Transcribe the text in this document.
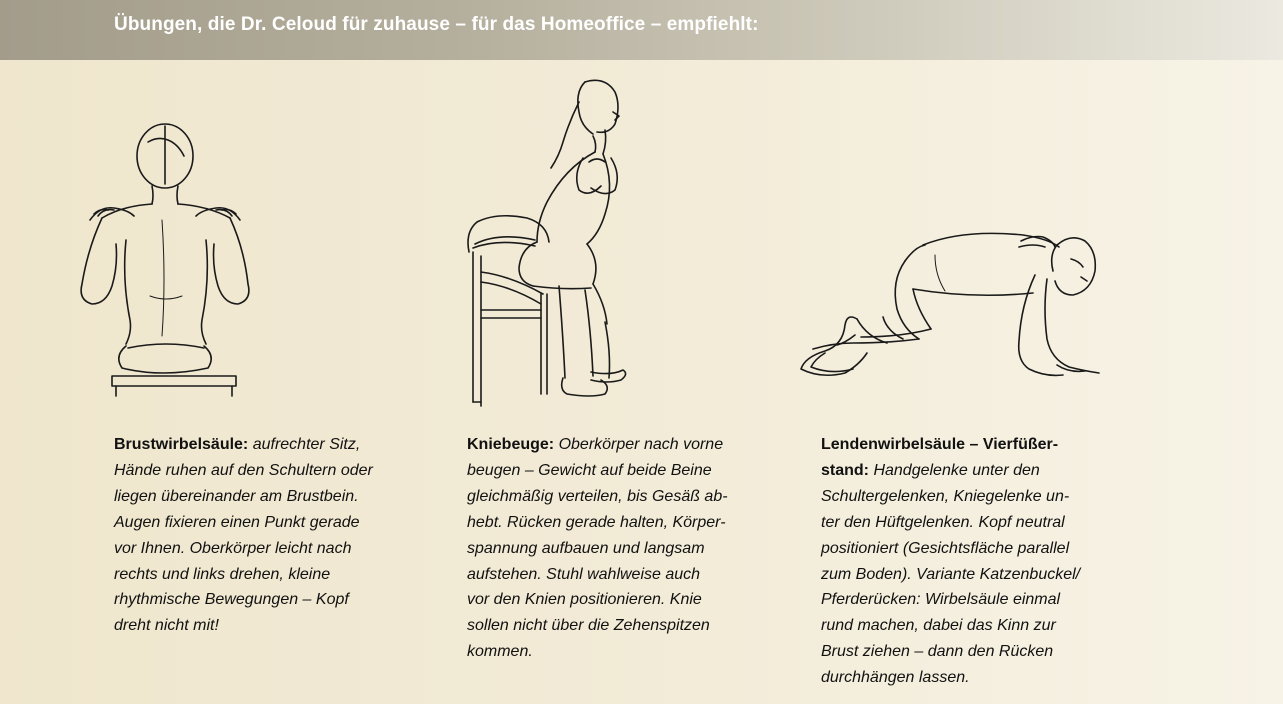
Übungen, die Dr. Celoud für zuhause – für das Homeoffice – empfiehlt:
Brustwirbelsäule: aufrechter Sitz,
Hände ruhen auf den Schultern oder
liegen übereinander am Brustbein.
Augen fixieren einen Punkt gerade
vor Ihnen. Oberkörper leicht nach
rechts und links drehen, kleine
rhythmische Bewegungen – Kopf
dreht nicht mit!
Kniebeuge: Oberkörper nach vorne
beugen – Gewicht auf beide Beine
gleichmäßig verteilen, bis Gesäß ab-
hebt. Rücken gerade halten, Körper-
spannung aufbauen und langsam
aufstehen. Stuhl wahlweise auch
vor den Knien positionieren. Knie
sollen nicht über die Zehenspitzen
kommen.
Lendenwirbelsäule – Vierfüßer-
stand: Handgelenke unter den
Schultergelenken, Kniegelenke un-
ter den Hüftgelenken. Kopf neutral
positioniert (Gesichtsfläche parallel
zum Boden). Variante Katzenbuckel/
Pferderücken: Wirbelsäule einmal
rund machen, dabei das Kinn zur
Brust ziehen – dann den Rücken
durchhängen lassen.
